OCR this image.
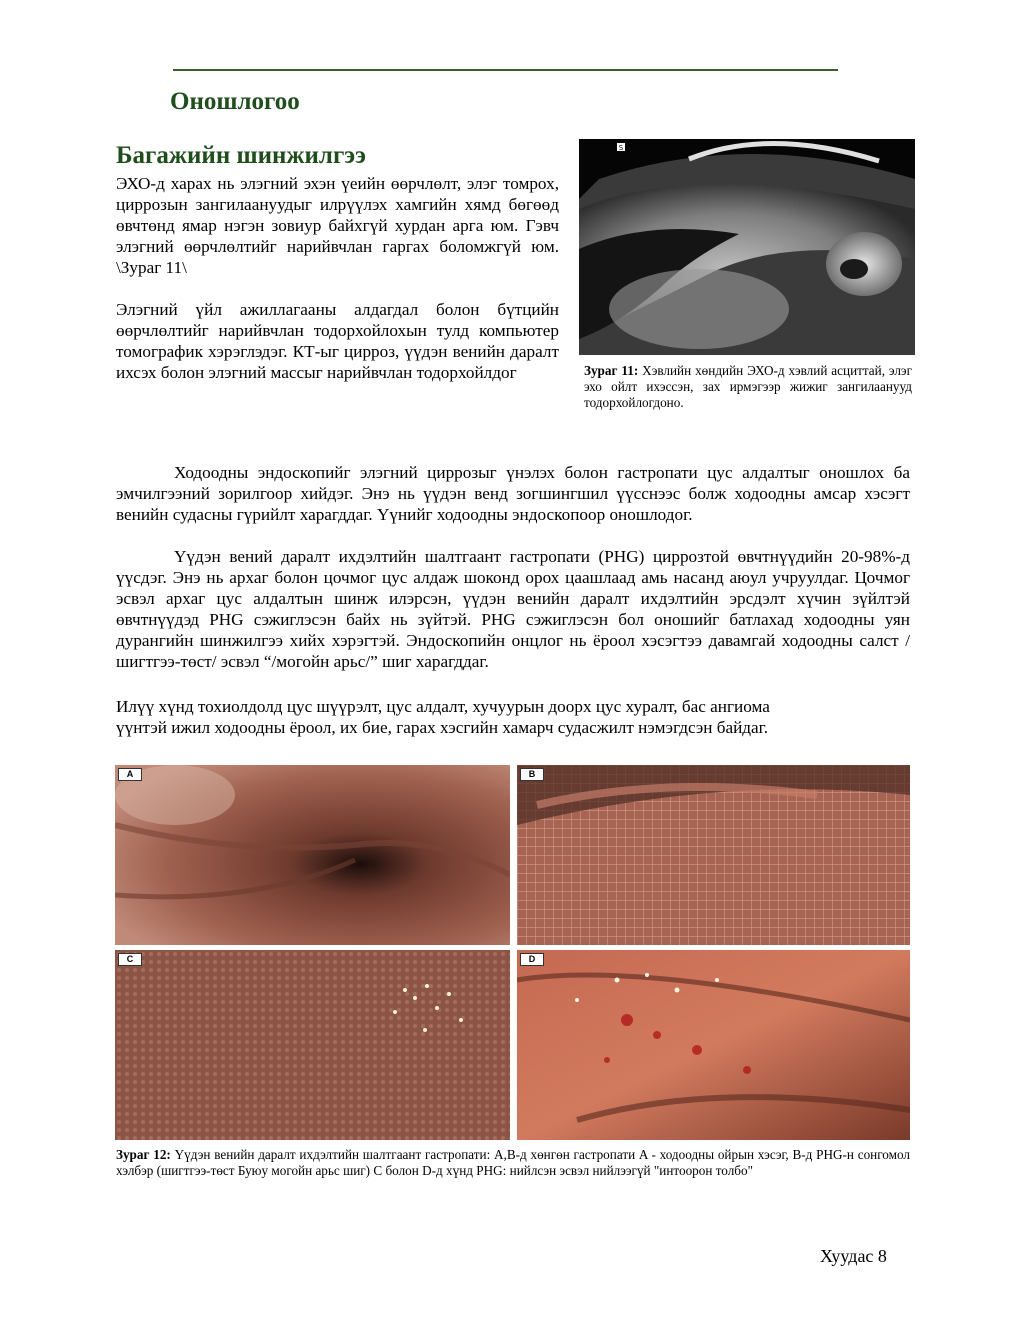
Оношлогоо
Багажийн шинжилгээ

ЭХО-д харах нь элэгний эхэн үеийн өөрчлөлт, элэг томрох, циррозын зангилаануудыг илрүүлэх хамгийн хямд бөгөөд өвчтөнд ямар нэгэн зовиур байхгүй хурдан арга юм. Гэвч элэгний өөрчлөлтийг нарийвчлан гаргах боломжгүй юм. \Зураг 11\

Элэгний үйл ажиллагааны алдагдал болон бүтцийн өөрчлөлтийг нарийвчлан тодорхойлохын тулд компьютер томографик хэрэглэдэг. КТ-ыг цирроз, үүдэн венийн даралт ихсэх болон элэгний массыг нарийвчлан тодорхойлдог

S

Зураг 11: Хэвлийн хөндийн ЭХО-д хэвлий асциттай, элэг эхо ойлт ихэссэн, зах ирмэгээр жижиг зангилаанууд тодорхойлогдоно.

Ходоодны эндоскопийг элэгний циррозыг үнэлэх болон гастропати цус алдалтыг оношлох ба эмчилгээний зорилгоор хийдэг. Энэ нь үүдэн венд зогшингшил үүсснээс болж ходоодны амсар хэсэгт венийн судасны гүрийлт харагддаг. Үүнийг ходоодны эндоскопоор оношлодог.

Үүдэн вений даралт ихдэлтийн шалтгаант гастропати (PHG) циррозтой өвчтнүүдийн 20-98%-д үүсдэг. Энэ нь архаг болон цочмог цус алдаж шоконд орох цаашлаад амь насанд аюул учруулдаг. Цочмог эсвэл архаг цус алдалтын шинж илэрсэн, үүдэн венийн даралт ихдэлтийн эрсдэлт хүчин зүйлтэй өвчтнүүдэд PHG сэжиглэсэн байх нь зүйтэй. PHG сэжиглэсэн бол оношийг батлахад ходоодны уян дурангийн шинжилгээ хийх хэрэгтэй. Эндоскопийн онцлог нь ёроол хэсэгтээ давамгай ходоодны салст /шигтгээ-төст/ эсвэл “/могойн арьс/” шиг харагддаг.

Илүү хүнд тохиолдолд цус шүүрэлт, цус алдалт, хучуурын доорх цус хуралт, бас ангиома

үүнтэй ижил ходоодны ёроол, их бие, гарах хэсгийн хамарч судасжилт нэмэгдсэн байдаг.

A	B
C	D

Зураг 12: Үүдэн венийн даралт ихдэлтийн шалтгаант гастропати: A,B-д хөнгөн гастропати A - ходоодны ойрын хэсэг, B-д PHG-н сонгомол хэлбэр (шигтгээ-төст Буюу могойн арьс шиг) C болон D-д хүнд PHG: нийлсэн эсвэл нийлээгүй "интоорон толбо"

Хуудас 8
